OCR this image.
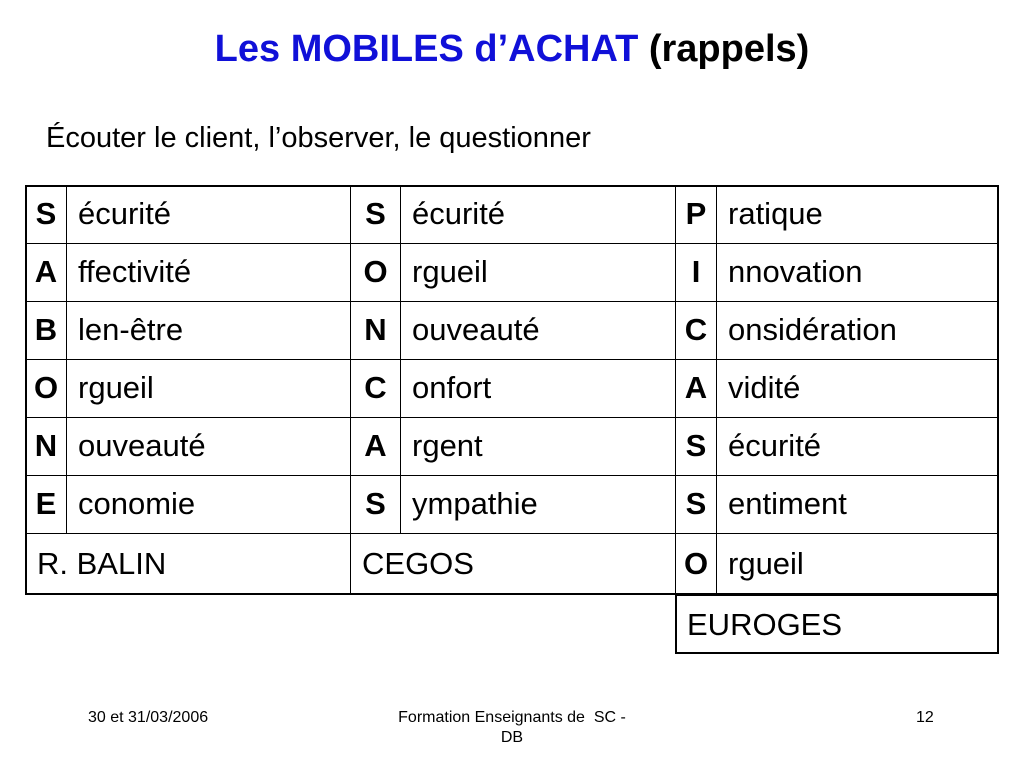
Les MOBILES d’ACHAT (rappels)
Écouter le client, l’observer, le questionner
S écurité	S écurité	P ratique
A ffectivité	O rgueil	I nnovation
B len-être	N ouveauté	C onsidération
O rgueil	C onfort	A vidité
N ouveauté	A rgent	S écurité
E conomie	S ympathie	S entiment
R. BALIN	CEGOS	O rgueil
EUROGES
30 et 31/03/2006	Formation Enseignants de  SC -
DB
12
